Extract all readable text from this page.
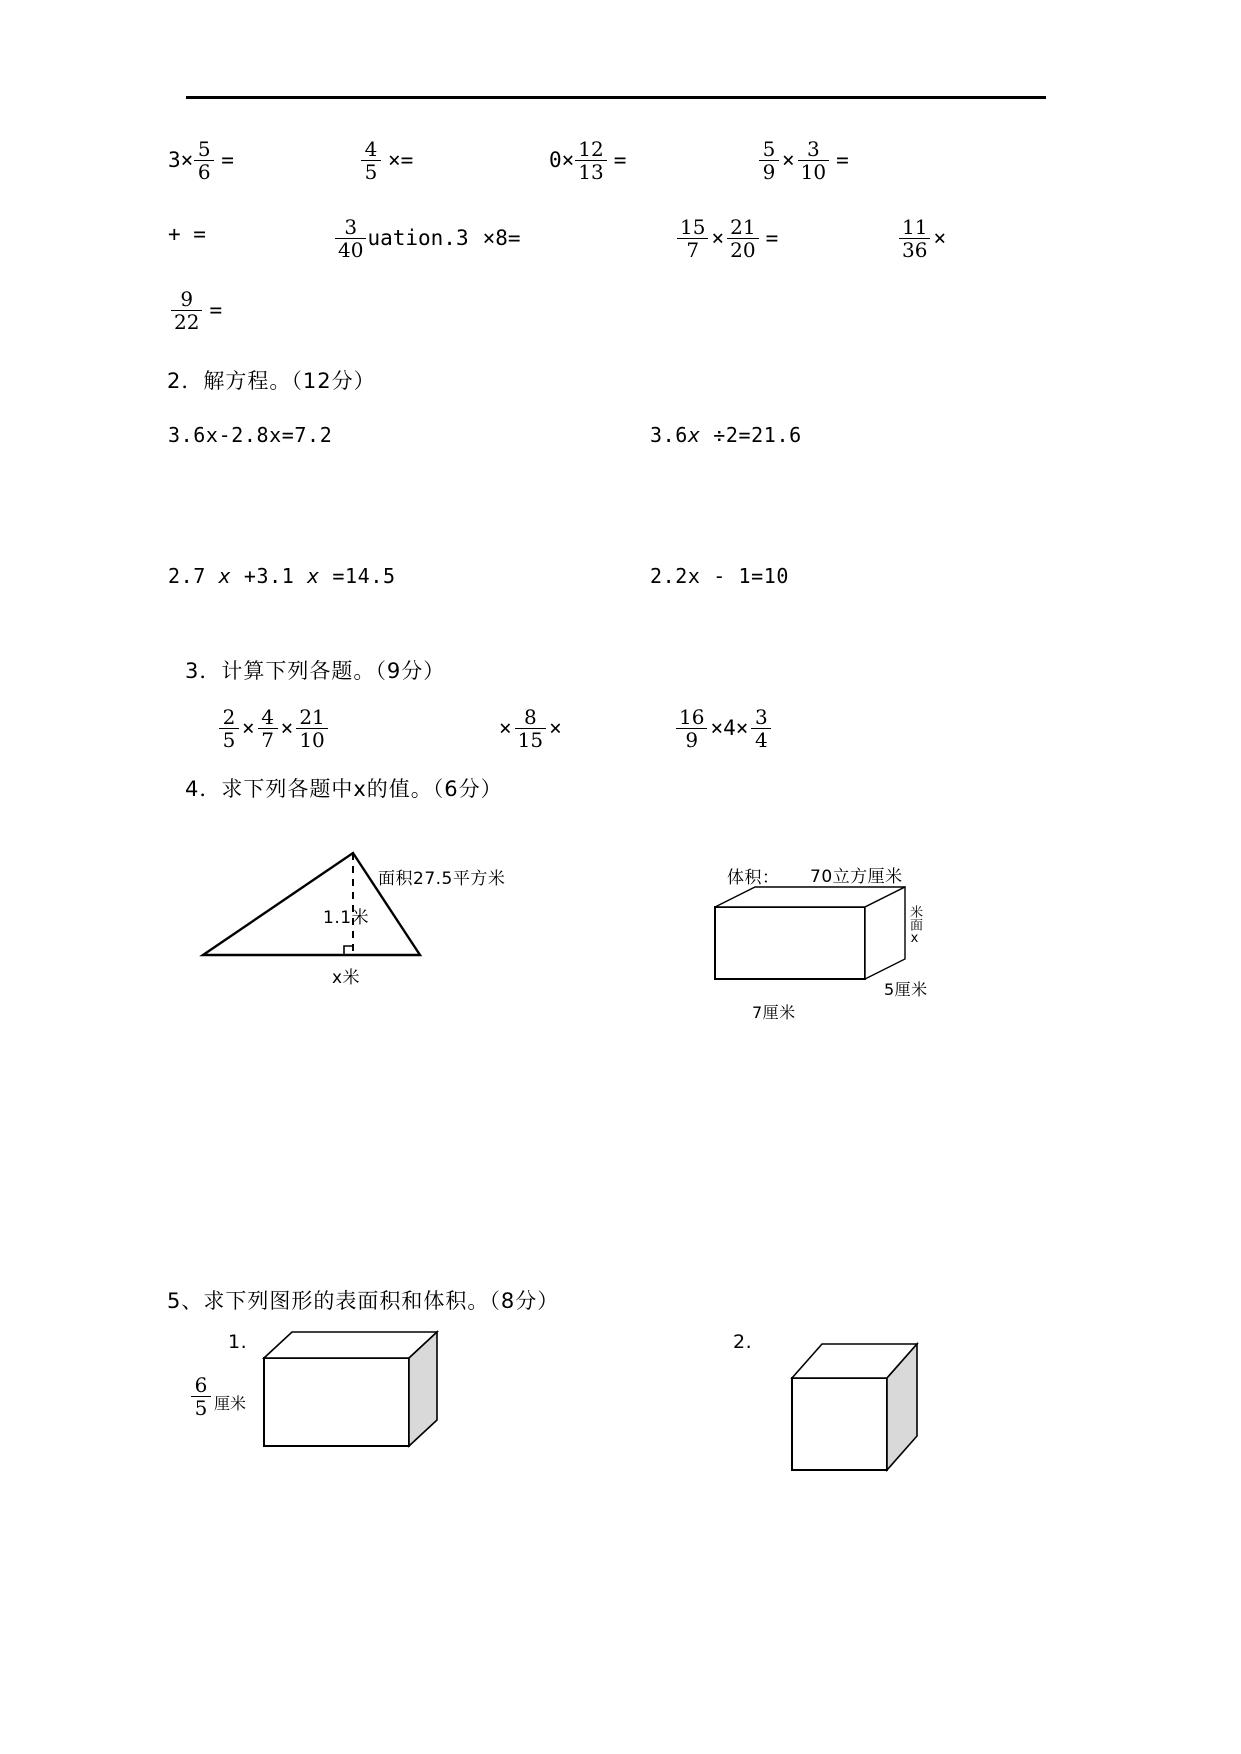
$3\times \frac{5}{6}$ =	$\frac{4}{5}$ ×=	$0\times \frac{12}{13}$ =	$\frac{5}{9} \times \frac{3}{10}$ =
+ =	$\frac{3}{40}$ uation.3 ×8=	$\frac{15}{7} \times \frac{21}{20}$ =	$\frac{11}{36}$ ×
$\frac{9}{22}$ =
2．解方程。（12分）
3.6x-2.8x=7.2	3.6x ÷2=21.6
2.7 x +3.1 x =14.5	2.2x - 1=10
3．计算下列各题。（9分）
$\frac{2}{5} \times \frac{4}{7} \times \frac{21}{10}$	× $\frac{8}{15}$ ×	$\frac{16}{9} \times 4\times \frac{3}{4}$
4．求下列各题中x的值。（6分）
面积27.5平方米
1.1米
x米
体积： 70立方厘米
7厘米
5厘米
米面x
5、求下列图形的表面积和体积。（8分）
1.
$\frac{6}{5}$ 厘米
2.
